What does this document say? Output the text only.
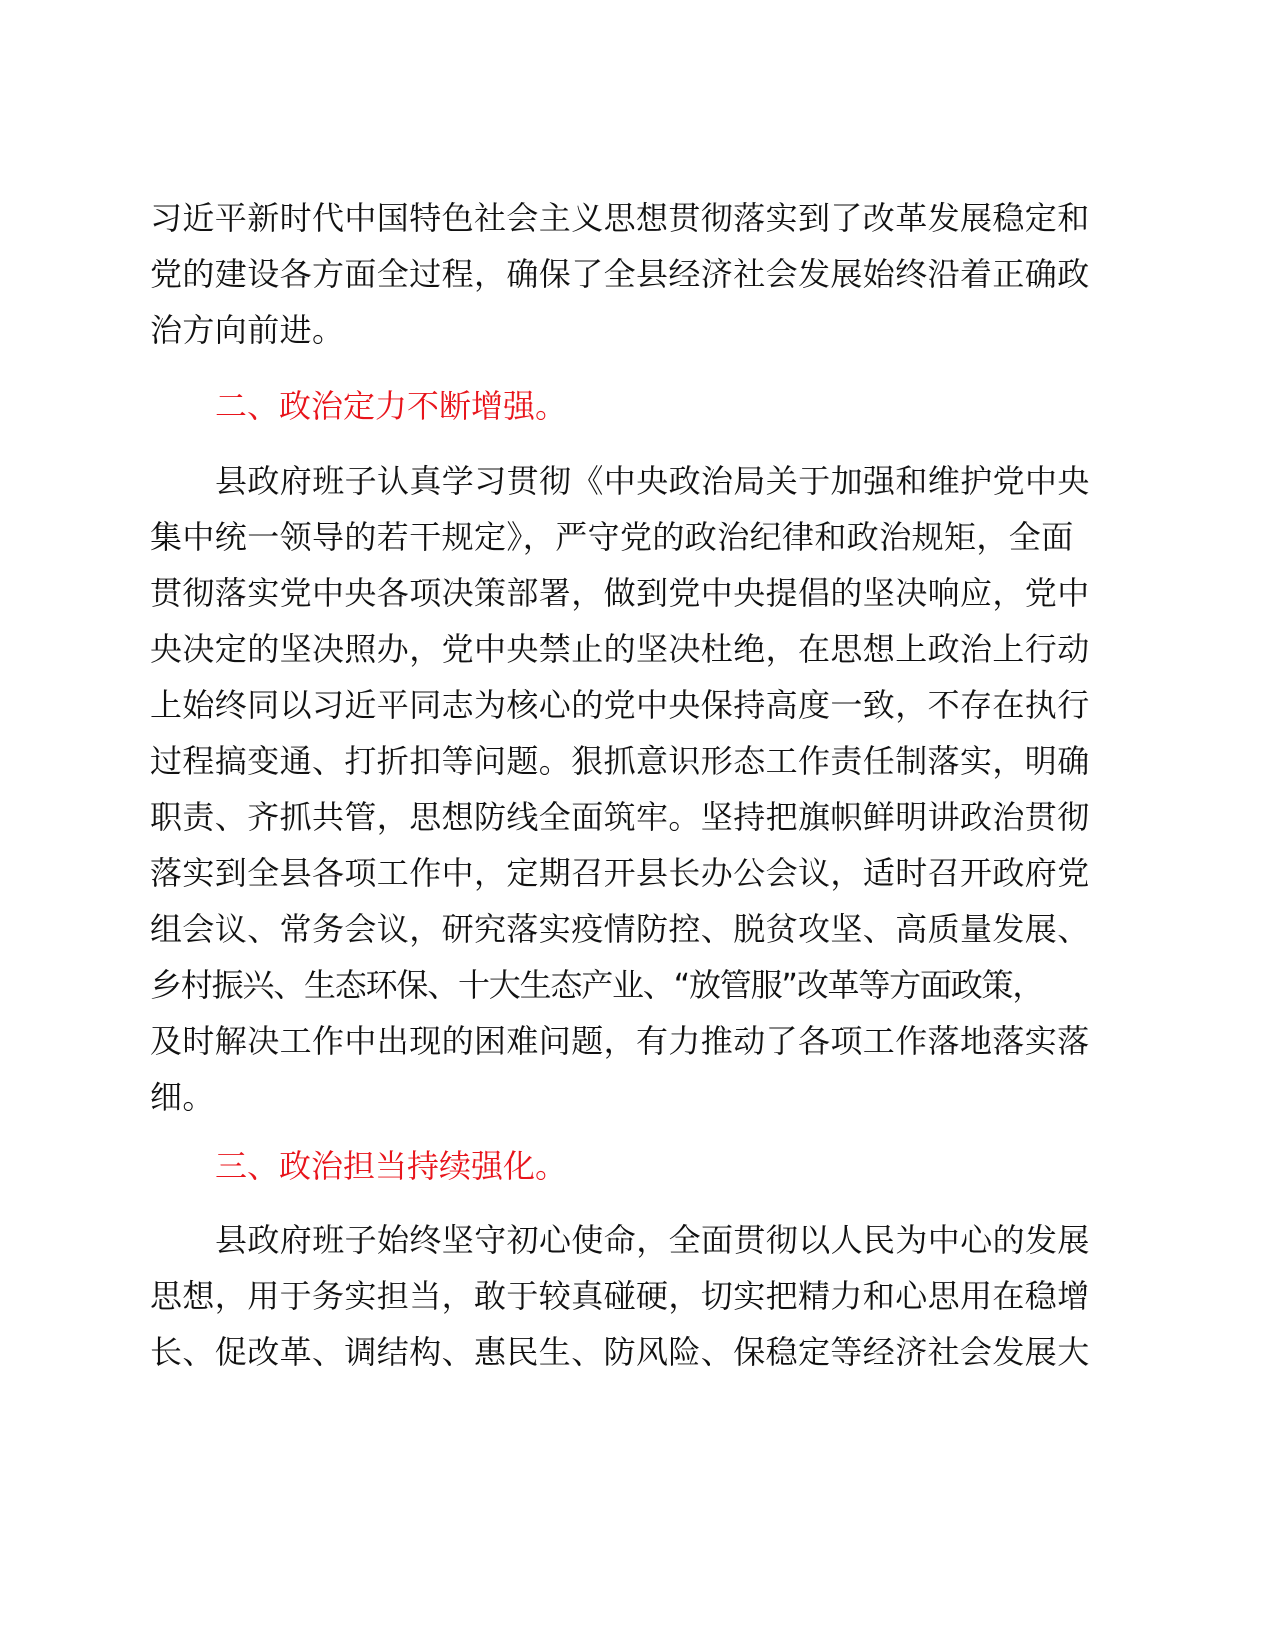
习近平新时代中国特色社会主义思想贯彻落实到了改革发展稳定和
党的建设各方面全过程，确保了全县经济社会发展始终沿着正确政
治方向前进。
二、政治定力不断增强。
县政府班子认真学习贯彻《中央政治局关于加强和维护党中央
集中统一领导的若干规定》，严守党的政治纪律和政治规矩，全面
贯彻落实党中央各项决策部署，做到党中央提倡的坚决响应，党中
央决定的坚决照办，党中央禁止的坚决杜绝，在思想上政治上行动
上始终同以习近平同志为核心的党中央保持高度一致，不存在执行
过程搞变通、打折扣等问题。狠抓意识形态工作责任制落实，明确
职责、齐抓共管，思想防线全面筑牢。坚持把旗帜鲜明讲政治贯彻
落实到全县各项工作中，定期召开县长办公会议，适时召开政府党
组会议、常务会议，研究落实疫情防控、脱贫攻坚、高质量发展、
乡村振兴、生态环保、十大生态产业、“放管服”改革等方面政策，
及时解决工作中出现的困难问题，有力推动了各项工作落地落实落
细。
三、政治担当持续强化。
县政府班子始终坚守初心使命，全面贯彻以人民为中心的发展
思想，用于务实担当，敢于较真碰硬，切实把精力和心思用在稳增
长、促改革、调结构、惠民生、防风险、保稳定等经济社会发展大
